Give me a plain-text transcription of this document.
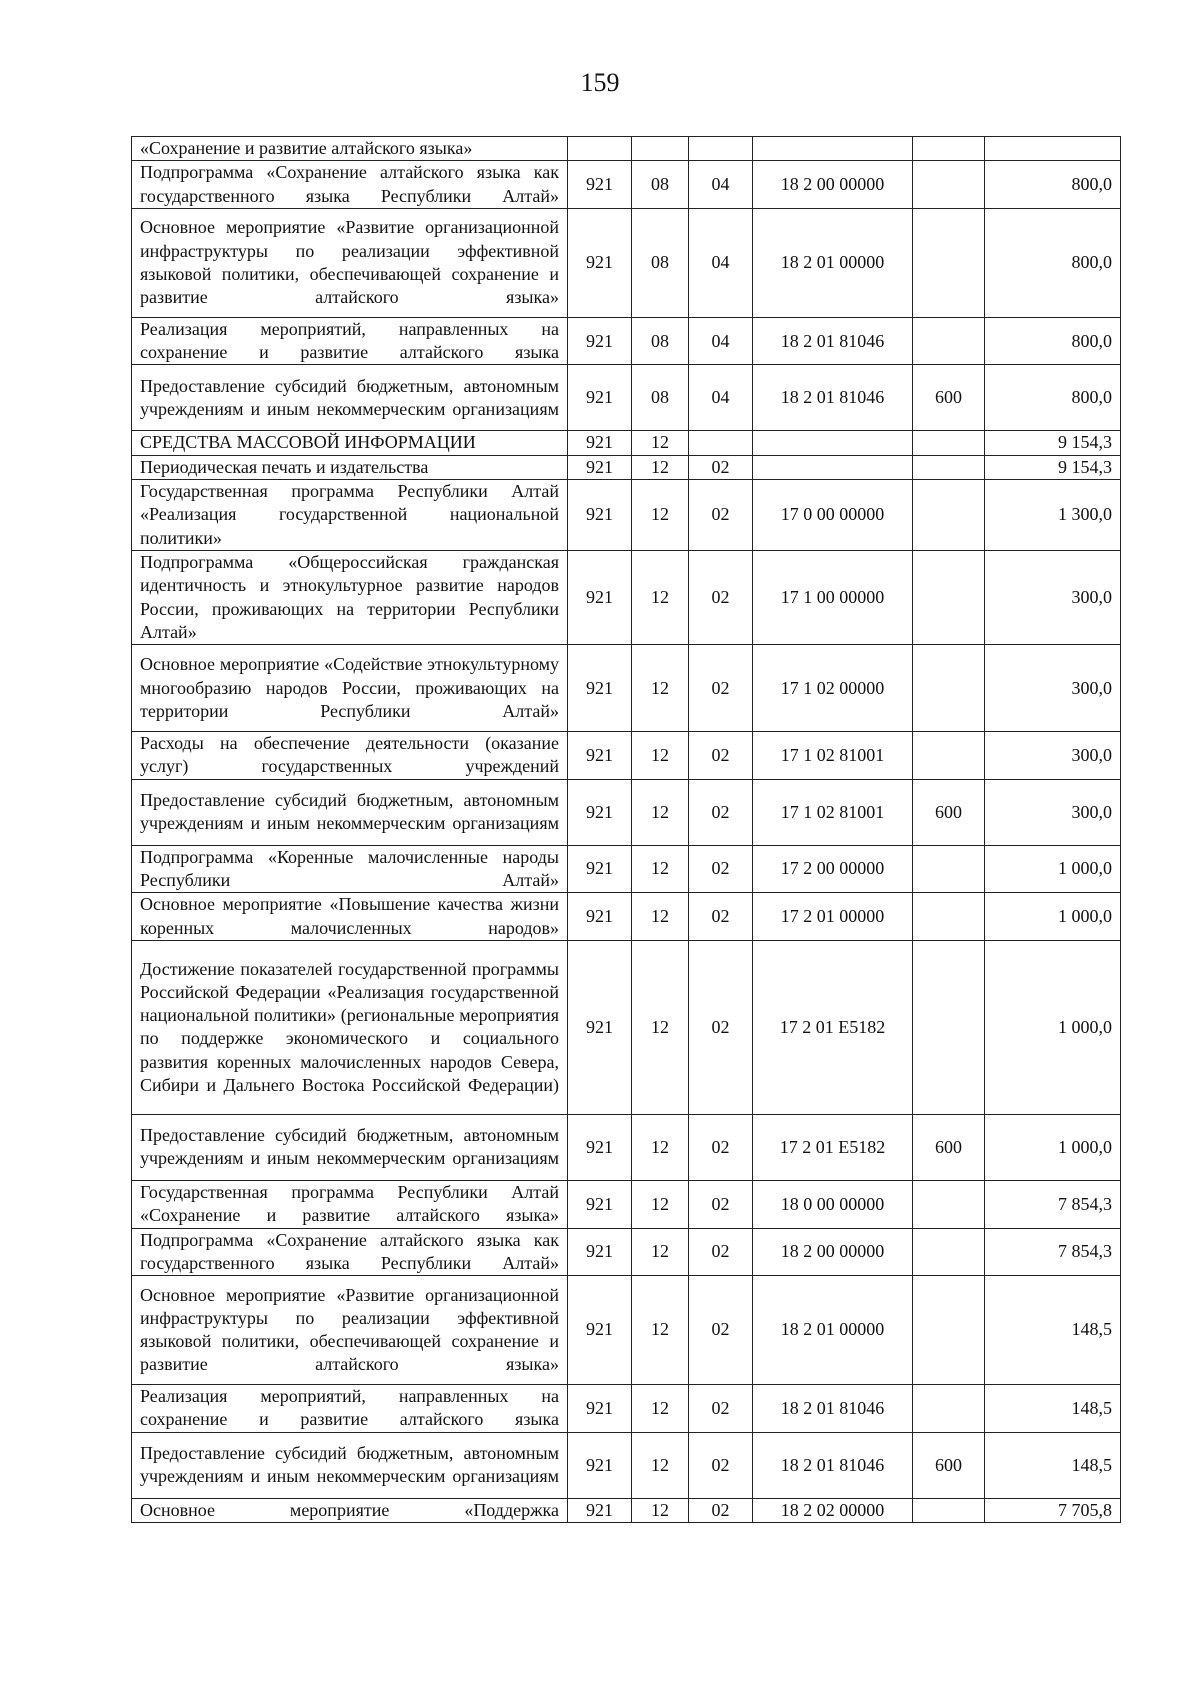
159
«Сохранение и развитие алтайского языка»						
Подпрограмма «Сохранение алтайского языка как государственного языка Республики Алтай»	921	08	04	18 2 00 00000		800,0
Основное мероприятие «Развитие организационной инфраструктуры по реализации эффективной языковой политики, обеспечивающей сохранение и развитие алтайского языка»	921	08	04	18 2 01 00000		800,0
Реализация мероприятий, направленных на сохранение и развитие алтайского языка	921	08	04	18 2 01 81046		800,0
Предоставление субсидий бюджетным, автономным учреждениям и иным некоммерческим организациям	921	08	04	18 2 01 81046	600	800,0
СРЕДСТВА МАССОВОЙ ИНФОРМАЦИИ	921	12				9 154,3
Периодическая печать и издательства	921	12	02			9 154,3
Государственная программа Республики Алтай «Реализация государственной национальной политики»	921	12	02	17 0 00 00000		1 300,0
Подпрограмма «Общероссийская гражданская идентичность и этнокультурное развитие народов России, проживающих на территории Республики Алтай»	921	12	02	17 1 00 00000		300,0
Основное мероприятие «Содействие этнокультурному многообразию народов России, проживающих на территории Республики Алтай»	921	12	02	17 1 02 00000		300,0
Расходы на обеспечение деятельности (оказание услуг) государственных учреждений	921	12	02	17 1 02 81001		300,0
Предоставление субсидий бюджетным, автономным учреждениям и иным некоммерческим организациям	921	12	02	17 1 02 81001	600	300,0
Подпрограмма «Коренные малочисленные народы Республики Алтай»	921	12	02	17 2 00 00000		1 000,0
Основное мероприятие «Повышение качества жизни коренных малочисленных народов»	921	12	02	17 2 01 00000		1 000,0
Достижение показателей государственной программы Российской Федерации «Реализация государственной национальной политики» (региональные мероприятия по поддержке экономического и социального развития коренных малочисленных народов Севера, Сибири и Дальнего Востока Российской Федерации)	921	12	02	17 2 01 E5182		1 000,0
Предоставление субсидий бюджетным, автономным учреждениям и иным некоммерческим организациям	921	12	02	17 2 01 E5182	600	1 000,0
Государственная программа Республики Алтай «Сохранение и развитие алтайского языка»	921	12	02	18 0 00 00000		7 854,3
Подпрограмма «Сохранение алтайского языка как государственного языка Республики Алтай»	921	12	02	18 2 00 00000		7 854,3
Основное мероприятие «Развитие организационной инфраструктуры по реализации эффективной языковой политики, обеспечивающей сохранение и развитие алтайского языка»	921	12	02	18 2 01 00000		148,5
Реализация мероприятий, направленных на сохранение и развитие алтайского языка	921	12	02	18 2 01 81046		148,5
Предоставление субсидий бюджетным, автономным учреждениям и иным некоммерческим организациям	921	12	02	18 2 01 81046	600	148,5
Основное мероприятие «Поддержка	921	12	02	18 2 02 00000		7 705,8
